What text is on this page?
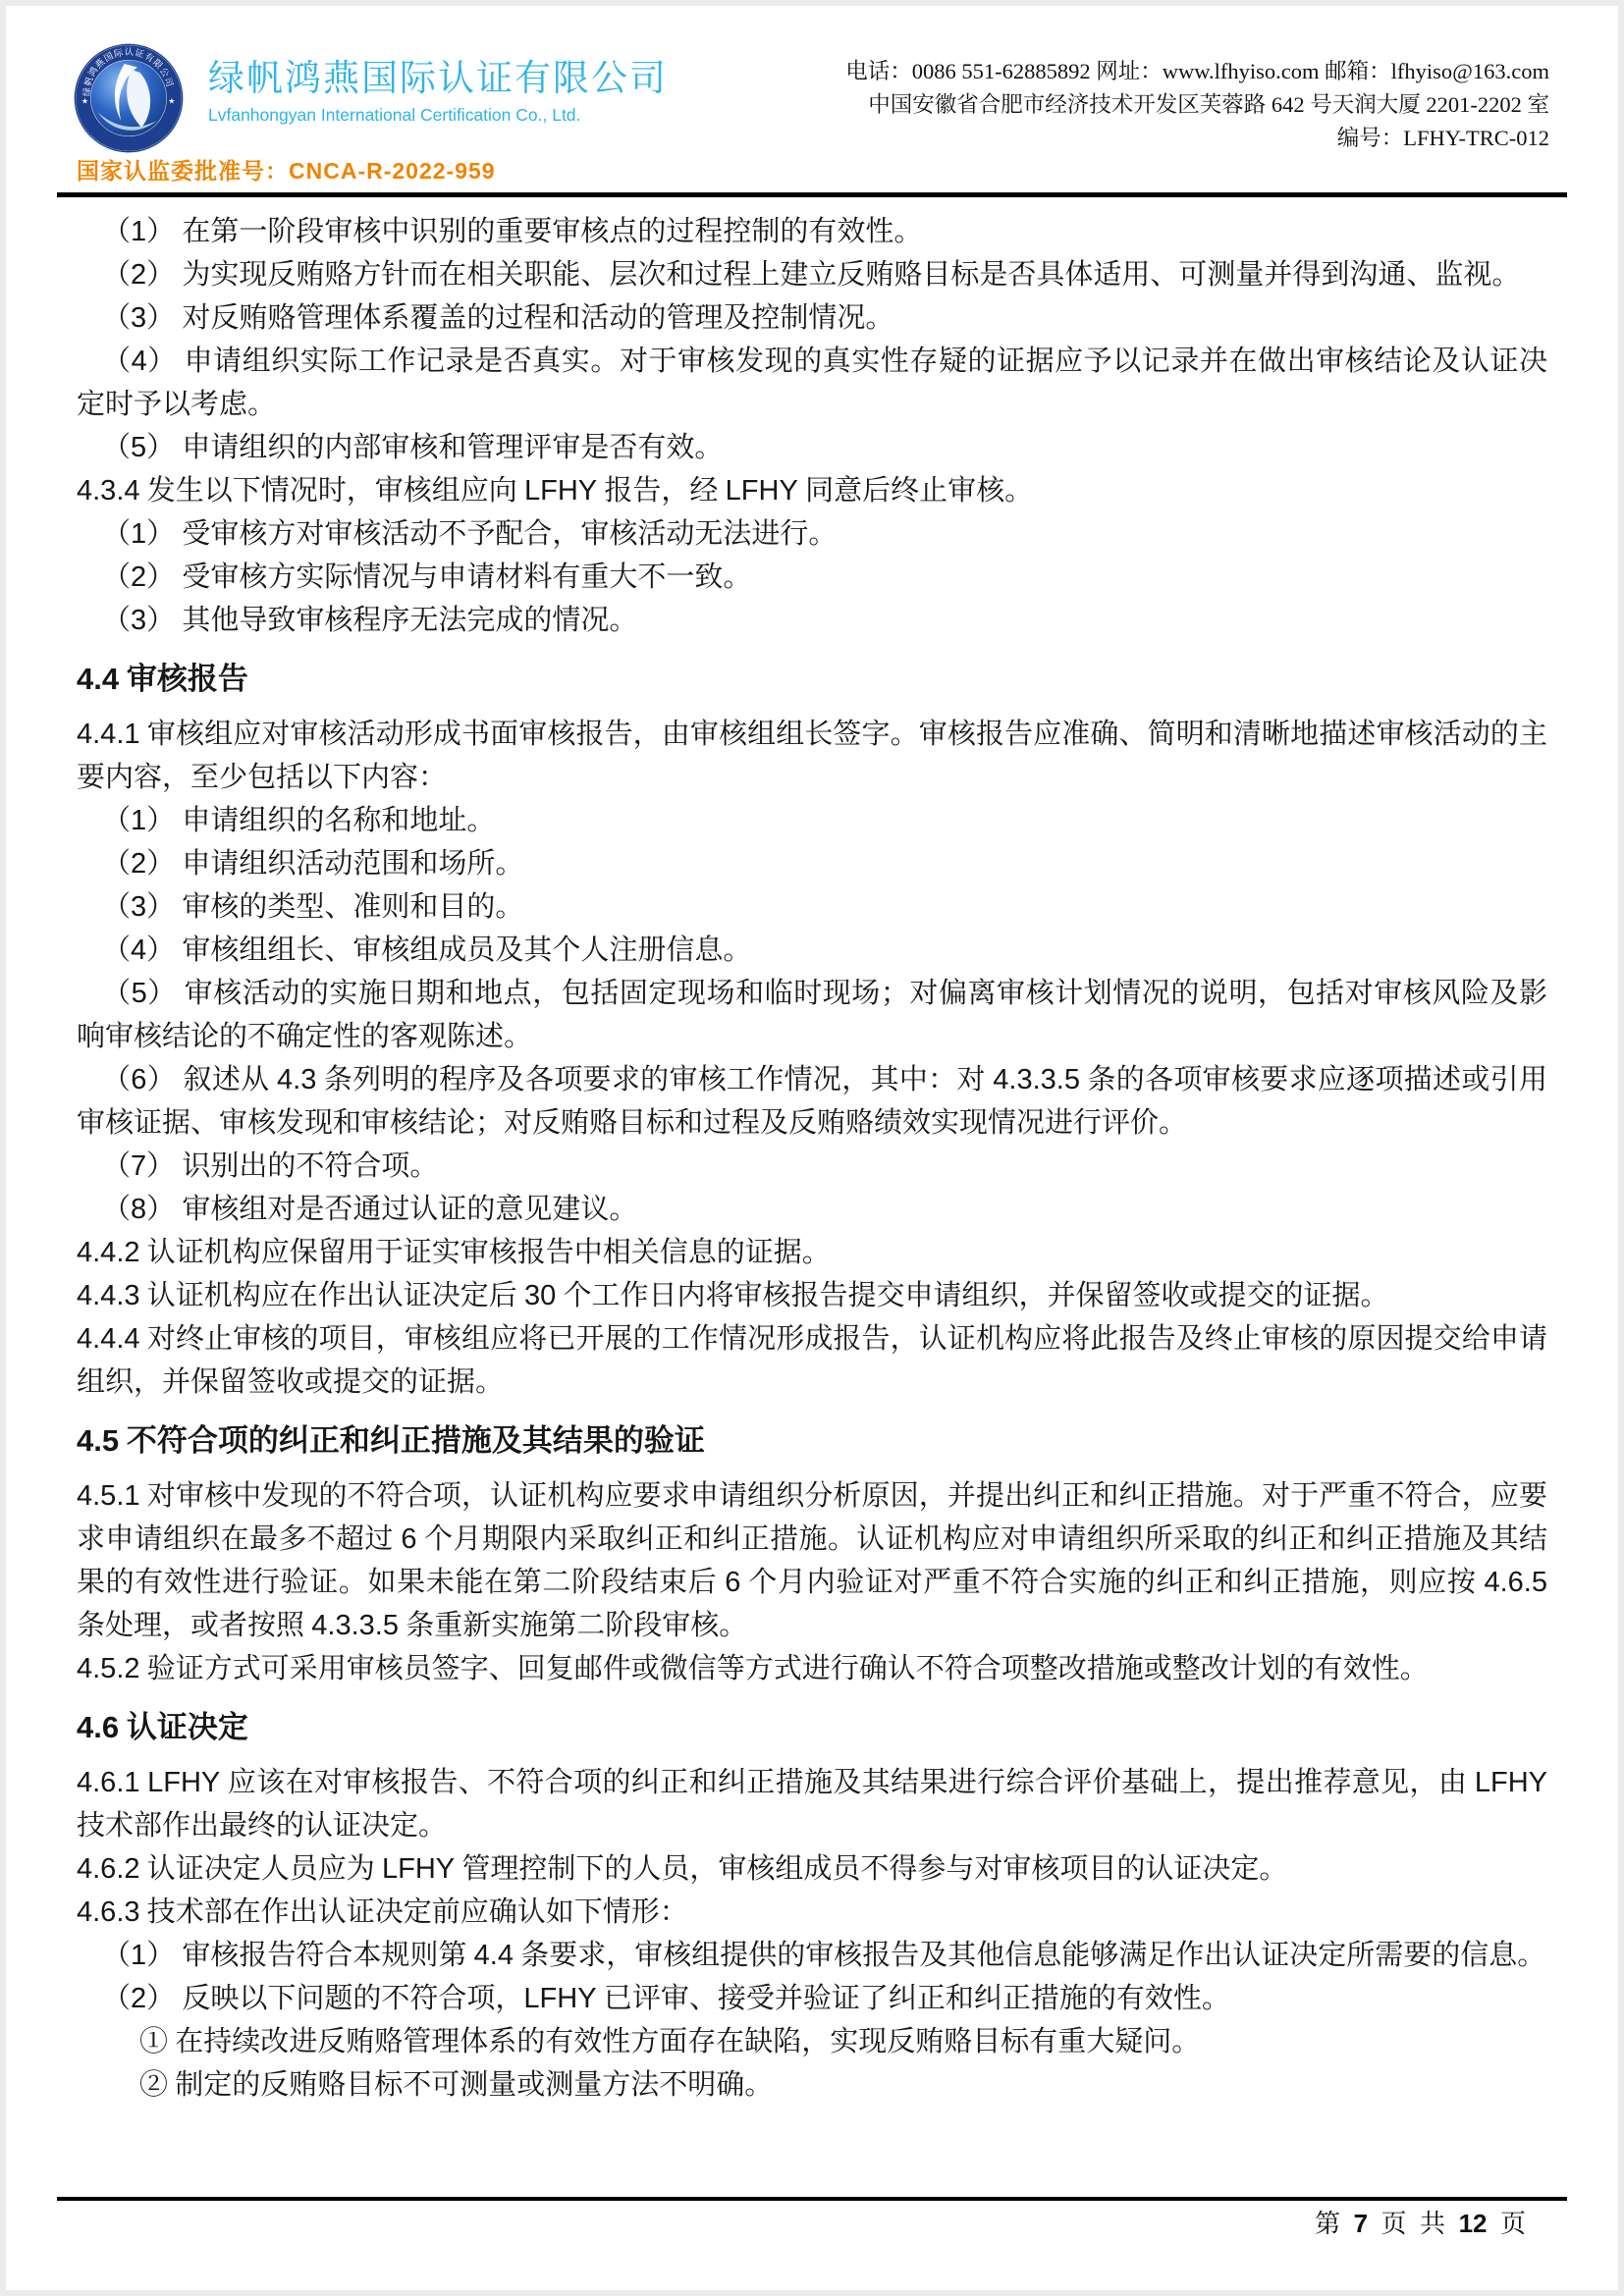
绿帆鸿燕国际认证有限公司
★	★
绿帆鸿燕国际认证有限公司
Lvfanhongyan International Certification Co., Ltd.
国家认监委批准号：CNCA-R-2022-959
电话：0086 551-62885892 网址：www.lfhyiso.com 邮箱：lfhyiso@163.com
中国安徽省合肥市经济技术开发区芙蓉路 642 号天润大厦 2201-2202 室
编号：LFHY-TRC-012

（1） 在第一阶段审核中识别的重要审核点的过程控制的有效性。

（2） 为实现反贿赂方针而在相关职能、层次和过程上建立反贿赂目标是否具体适用、可测量并得到沟通、监视。

（3） 对反贿赂管理体系覆盖的过程和活动的管理及控制情况。

（4） 申请组织实际工作记录是否真实。对于审核发现的真实性存疑的证据应予以记录并在做出审核结论及认证决定时予以考虑。

（5） 申请组织的内部审核和管理评审是否有效。

4.3.4 发生以下情况时，审核组应向 LFHY 报告，经 LFHY 同意后终止审核。

（1） 受审核方对审核活动不予配合，审核活动无法进行。

（2） 受审核方实际情况与申请材料有重大不一致。

（3） 其他导致审核程序无法完成的情况。

4.4 审核报告

4.4.1 审核组应对审核活动形成书面审核报告，由审核组组长签字。审核报告应准确、简明和清晰地描述审核活动的主要内容，至少包括以下内容：

（1） 申请组织的名称和地址。

（2） 申请组织活动范围和场所。

（3） 审核的类型、准则和目的。

（4） 审核组组长、审核组成员及其个人注册信息。

（5） 审核活动的实施日期和地点，包括固定现场和临时现场；对偏离审核计划情况的说明，包括对审核风险及影响审核结论的不确定性的客观陈述。

（6） 叙述从 4.3 条列明的程序及各项要求的审核工作情况，其中：对 4.3.3.5 条的各项审核要求应逐项描述或引用审核证据、审核发现和审核结论；对反贿赂目标和过程及反贿赂绩效实现情况进行评价。

（7） 识别出的不符合项。

（8） 审核组对是否通过认证的意见建议。

4.4.2 认证机构应保留用于证实审核报告中相关信息的证据。

4.4.3 认证机构应在作出认证决定后 30 个工作日内将审核报告提交申请组织，并保留签收或提交的证据。

4.4.4 对终止审核的项目，审核组应将已开展的工作情况形成报告，认证机构应将此报告及终止审核的原因提交给申请组织，并保留签收或提交的证据。

4.5 不符合项的纠正和纠正措施及其结果的验证

4.5.1 对审核中发现的不符合项，认证机构应要求申请组织分析原因，并提出纠正和纠正措施。对于严重不符合，应要求申请组织在最多不超过 6 个月期限内采取纠正和纠正措施。认证机构应对申请组织所采取的纠正和纠正措施及其结果的有效性进行验证。如果未能在第二阶段结束后 6 个月内验证对严重不符合实施的纠正和纠正措施，则应按 4.6.5 条处理，或者按照 4.3.3.5 条重新实施第二阶段审核。

4.5.2 验证方式可采用审核员签字、回复邮件或微信等方式进行确认不符合项整改措施或整改计划的有效性。

4.6 认证决定

4.6.1 LFHY 应该在对审核报告、不符合项的纠正和纠正措施及其结果进行综合评价基础上，提出推荐意见，由 LFHY 技术部作出最终的认证决定。

4.6.2 认证决定人员应为 LFHY 管理控制下的人员，审核组成员不得参与对审核项目的认证决定。

4.6.3 技术部在作出认证决定前应确认如下情形：

（1） 审核报告符合本规则第 4.4 条要求，审核组提供的审核报告及其他信息能够满足作出认证决定所需要的信息。

（2） 反映以下问题的不符合项，LFHY 已评审、接受并验证了纠正和纠正措施的有效性。

① 在持续改进反贿赂管理体系的有效性方面存在缺陷，实现反贿赂目标有重大疑问。

② 制定的反贿赂目标不可测量或测量方法不明确。

第 7 页 共 12 页
